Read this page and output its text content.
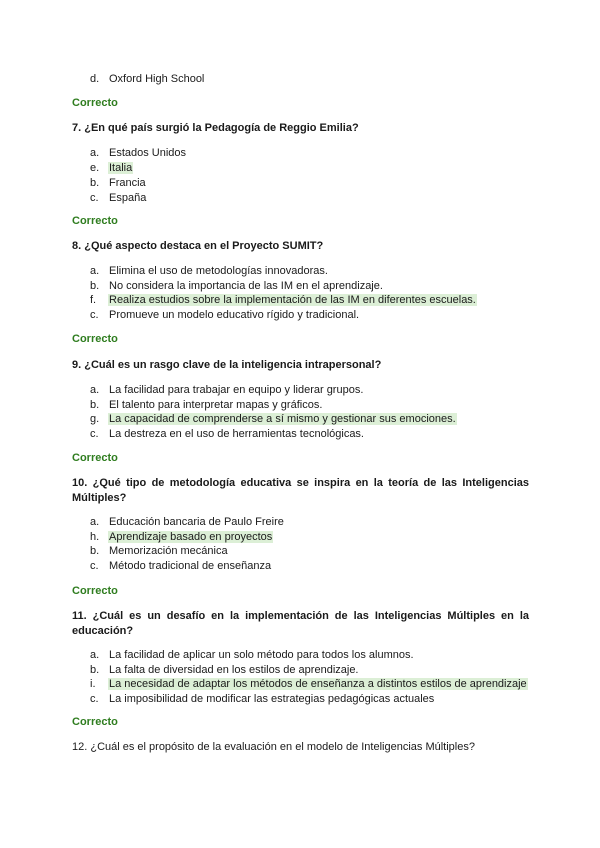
d. Oxford High School
Correcto
7. ¿En qué país surgió la Pedagogía de Reggio Emilia?
a. Estados Unidos
e. Italia
b. Francia
c. España
Correcto
8. ¿Qué aspecto destaca en el Proyecto SUMIT?
a. Elimina el uso de metodologías innovadoras.
b. No considera la importancia de las IM en el aprendizaje.
f. Realiza estudios sobre la implementación de las IM en diferentes escuelas.
c. Promueve un modelo educativo rígido y tradicional.
Correcto
9. ¿Cuál es un rasgo clave de la inteligencia intrapersonal?
a. La facilidad para trabajar en equipo y liderar grupos.
b. El talento para interpretar mapas y gráficos.
g. La capacidad de comprenderse a sí mismo y gestionar sus emociones.
c. La destreza en el uso de herramientas tecnológicas.
Correcto
10. ¿Qué tipo de metodología educativa se inspira en la teoría de las Inteligencias Múltiples?
a. Educación bancaria de Paulo Freire
h. Aprendizaje basado en proyectos
b. Memorización mecánica
c. Método tradicional de enseñanza
Correcto
11. ¿Cuál es un desafío en la implementación de las Inteligencias Múltiples en la educación?
a. La facilidad de aplicar un solo método para todos los alumnos.
b. La falta de diversidad en los estilos de aprendizaje.
i. La necesidad de adaptar los métodos de enseñanza a distintos estilos de aprendizaje
c. La imposibilidad de modificar las estrategias pedagógicas actuales
Correcto
12. ¿Cuál es el propósito de la evaluación en el modelo de Inteligencias Múltiples?
